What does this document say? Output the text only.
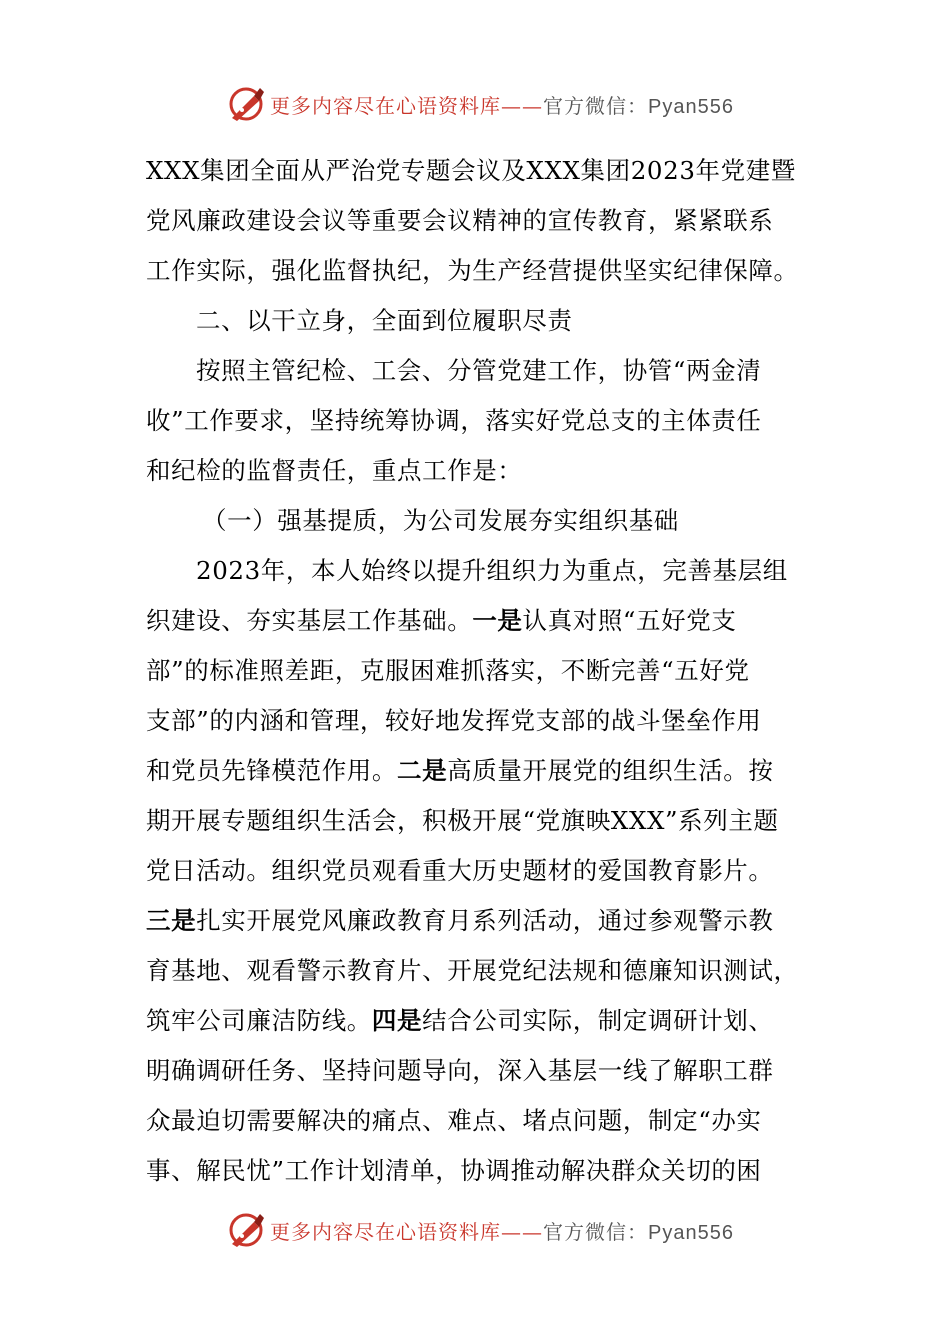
更多内容尽在心语资料库——官方微信：Pyan556
XXX集团全面从严治党专题会议及XXX集团2023年党建暨
党风廉政建设会议等重要会议精神的宣传教育，紧紧联系
工作实际，强化监督执纪，为生产经营提供坚实纪律保障。
二、以干立身，全面到位履职尽责
按照主管纪检、工会、分管党建工作，协管“两金清
收”工作要求，坚持统筹协调，落实好党总支的主体责任
和纪检的监督责任，重点工作是：
（一）强基提质，为公司发展夯实组织基础
2023年，本人始终以提升组织力为重点，完善基层组
织建设、夯实基层工作基础。一是认真对照“五好党支
部”的标准照差距，克服困难抓落实，不断完善“五好党
支部”的内涵和管理，较好地发挥党支部的战斗堡垒作用
和党员先锋模范作用。二是高质量开展党的组织生活。按
期开展专题组织生活会，积极开展“党旗映XXX”系列主题
党日活动。组织党员观看重大历史题材的爱国教育影片。
三是扎实开展党风廉政教育月系列活动，通过参观警示教
育基地、观看警示教育片、开展党纪法规和德廉知识测试，
筑牢公司廉洁防线。四是结合公司实际，制定调研计划、
明确调研任务、坚持问题导向，深入基层一线了解职工群
众最迫切需要解决的痛点、难点、堵点问题，制定“办实
事、解民忧”工作计划清单，协调推动解决群众关切的困
更多内容尽在心语资料库——官方微信：Pyan556
